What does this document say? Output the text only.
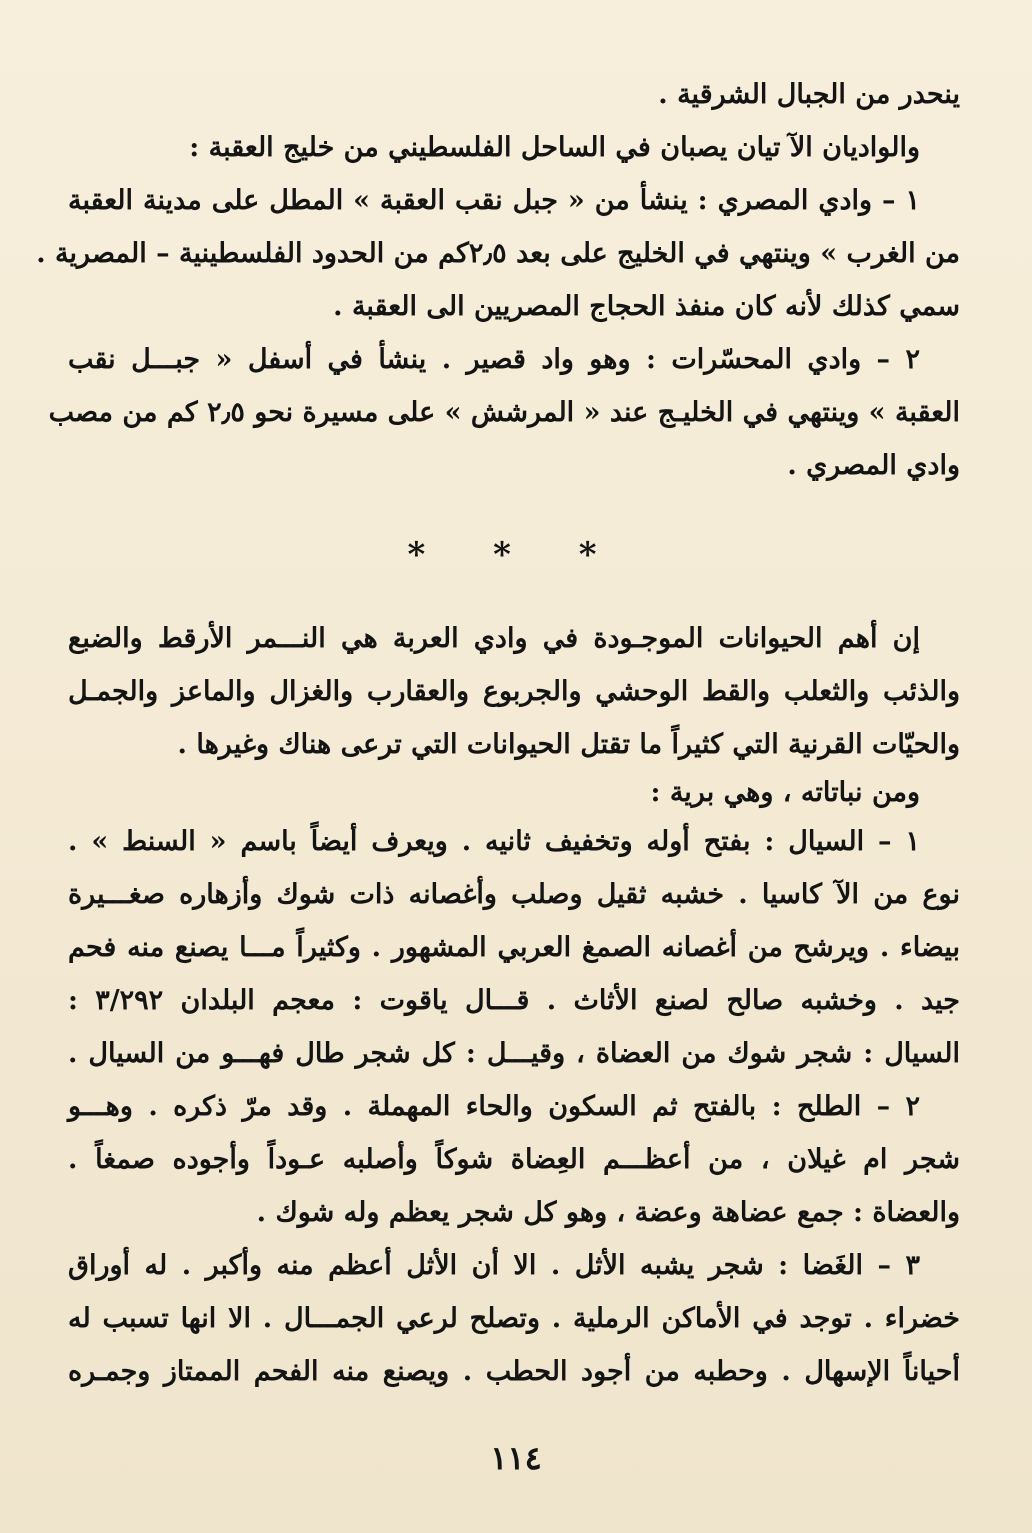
ينحدر من الجبال الشرقية .
والواديان الآ تيان يصبان في الساحل الفلسطيني من خليج العقبة :
١ – وادي المصري : ينشأ من « جبل نقب العقبة » المطل على مدينة العقبة
من الغرب » وينتهي في الخليج على بعد ٢٫٥كم من الحدود الفلسطينية – المصرية .
سمي كذلك لأنه كان منفذ الحجاج المصريين الى العقبة .
٢ – وادي المحسّرات : وهو واد قصير . ينشأ في أسفل « جبـــل نقب
العقبة » وينتهي في الخليـج عند « المرشش » على مسيرة نحو ٢٫٥ كم من مصب
وادي المصري .
* * *
إن أهم الحيوانات الموجـودة في وادي العربة هي النـــمر الأرقط والضبع
والذئب والثعلب والقط الوحشي والجربوع والعقارب والغزال والماعز والجمـل
والحيّات القرنية التي كثيراً ما تقتل الحيوانات التي ترعى هناك وغيرها .
ومن نباتاته ، وهي برية :
١ – السيال : بفتح أوله وتخفيف ثانيه . ويعرف أيضاً باسم « السنط » .
نوع من الآ كاسيا . خشبه ثقيل وصلب وأغصانه ذات شوك وأزهاره صغـــيرة
بيضاء . ويرشح من أغصانه الصمغ العربي المشهور . وكثيراً مـــا يصنع منه فحم
جيد . وخشبه صالح لصنع الأثاث . قـــال ياقوت : معجم البلدان ٣/٢٩٢ :
السيال : شجر شوك من العضاة ، وقيـــل : كل شجر طال فهـــو من السيال .
٢ – الطلح : بالفتح ثم السكون والحاء المهملة . وقد مرّ ذكره . وهـــو
شجر ام غيلان ، من أعظـــم العِضاة شوكاً وأصلبه عـوداً وأجوده صمغاً .
والعضاة : جمع عضاهة وعضة ، وهو كل شجر يعظم وله شوك .
٣ – الغَضا : شجر يشبه الأثل . الا أن الأثل أعظم منه وأكبر . له أوراق
خضراء . توجد في الأماكن الرملية . وتصلح لرعي الجمـــال . الا انها تسبب له
أحياناً الإسهال . وحطبه من أجود الحطب . ويصنع منه الفحم الممتاز وجمـره
١١٤
